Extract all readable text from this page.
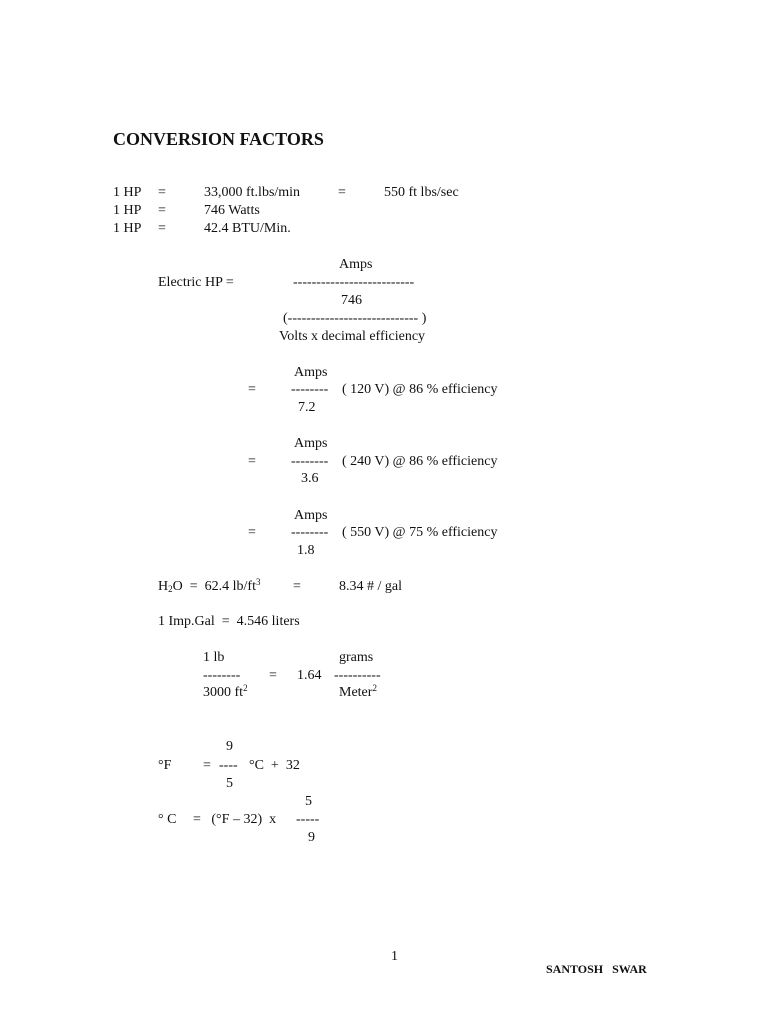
CONVERSION FACTORS
1 HP =	33,000 ft.lbs/min	=	550 ft lbs/sec
1 HP =	746 Watts
1 HP =	42.4 BTU/Min.
Amps
Electric HP =	--------------------------
746
(---------------------------- )
Volts x decimal efficiency
Amps
=	-------- ( 120 V) @ 86 % efficiency
7.2
Amps
=	-------- ( 240 V) @ 86 % efficiency
3.6
Amps
=	-------- ( 550 V) @ 75 % efficiency
1.8
$H_2O = 62.4$ $lb/ft^3$ =	8.34 # / gal
1 Imp.Gal  =  4.546 liters
1 lb	grams
-------- = 1.64 ----------
3000 $ft^2$	Meter$^2$
9
°F = ---- °C  +  32
5
5
° C =   (°F – 32)  x -----
9
1
SANTOSH   SWAR
